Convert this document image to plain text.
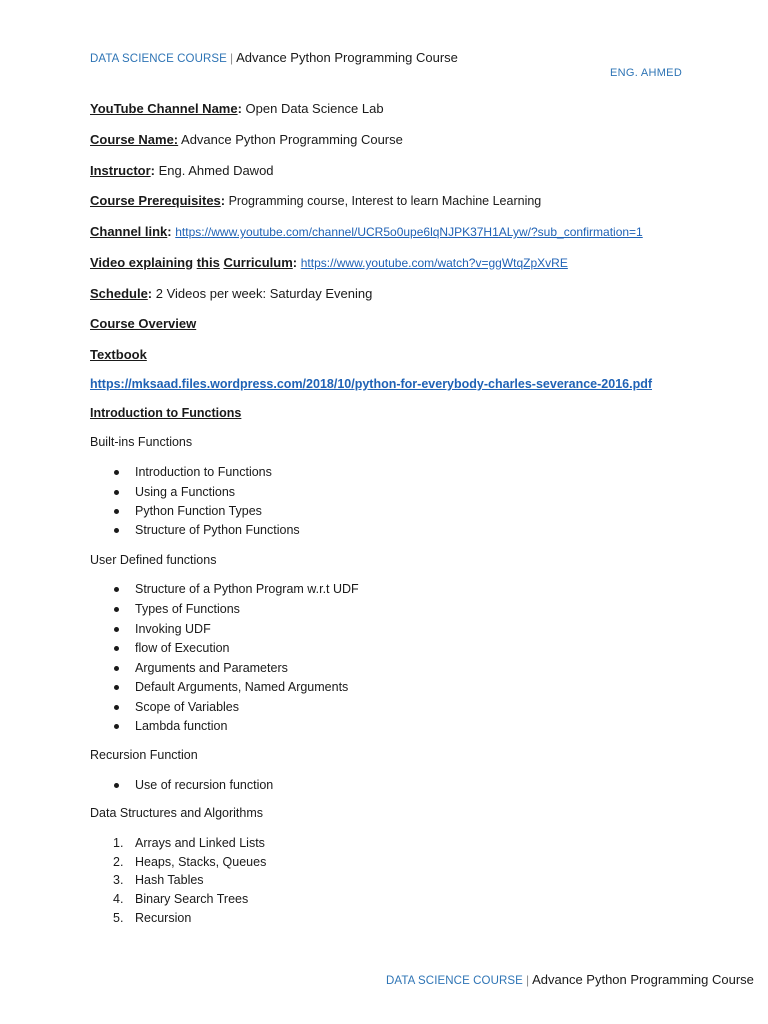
DATA SCIENCE COURSE | Advance Python Programming Course
ENG. AHMED
YouTube Channel Name: Open Data Science Lab
Course Name: Advance Python Programming Course
Instructor: Eng. Ahmed Dawod
Course Prerequisites: Programming course, Interest to learn Machine Learning
Channel link: https://www.youtube.com/channel/UCR5o0upe6lqNJPK37H1ALyw/?sub_confirmation=1
Video explaining this Curriculum: https://www.youtube.com/watch?v=ggWtqZpXvRE
Schedule: 2 Videos per week: Saturday Evening
Course Overview
Textbook
https://mksaad.files.wordpress.com/2018/10/python-for-everybody-charles-severance-2016.pdf
Introduction to Functions
Built-ins Functions
Introduction to Functions
Using a Functions
Python Function Types
Structure of Python Functions
User Defined functions
Structure of a Python Program w.r.t UDF
Types of Functions
Invoking UDF
flow of Execution
Arguments and Parameters
Default Arguments, Named Arguments
Scope of Variables
Lambda function
Recursion Function
Use of recursion function
Data Structures and Algorithms
1. Arrays and Linked Lists
2. Heaps, Stacks, Queues
3. Hash Tables
4. Binary Search Trees
5. Recursion
DATA SCIENCE COURSE | Advance Python Programming Course
